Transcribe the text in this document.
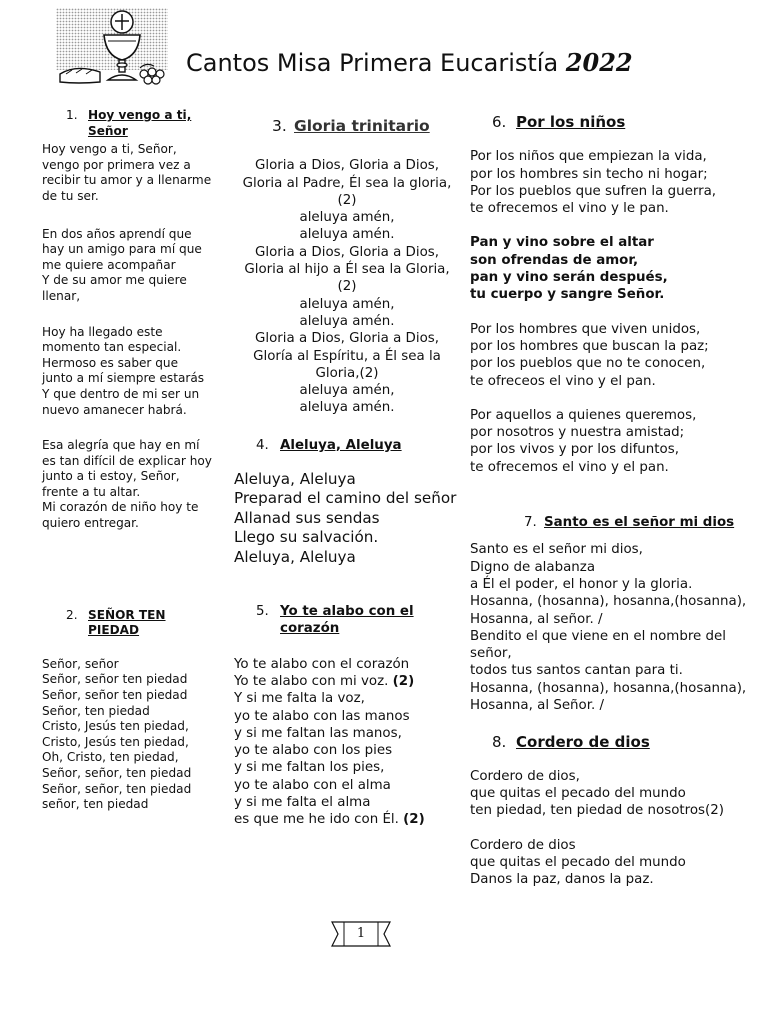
Cantos Misa Primera Eucaristía 2022
1. Hoy vengo a ti, Señor

Hoy vengo a ti, Señor,
vengo por primera vez a
recibir tu amor y a llenarme
de tu ser.

En dos años aprendí que
hay un amigo para mí que
me quiere acompañar
Y de su amor me quiere
llenar,

Hoy ha llegado este
momento tan especial.
Hermoso es saber que
junto a mí siempre estarás
Y que dentro de mi ser un
nuevo amanecer habrá.

Esa alegría que hay en mí
es tan difícil de explicar hoy
junto a ti estoy, Señor,
frente a tu altar.
Mi corazón de niño hoy te
quiero entregar.

2. SEÑOR TEN PIEDAD

Señor, señor
Señor, señor ten piedad
Señor, señor ten piedad
Señor, ten piedad
Cristo, Jesús ten piedad,
Cristo, Jesús ten piedad,
Oh, Cristo, ten piedad,
Señor, señor, ten piedad
Señor, señor, ten piedad
señor, ten piedad

3. Gloria trinitario

Gloria a Dios, Gloria a Dios,
Gloria al Padre, Él sea la gloria,
(2)
aleluya amén,
aleluya amén.
Gloria a Dios, Gloria a Dios,
Gloria al hijo a Él sea la Gloria,
(2)
aleluya amén,
aleluya amén.
Gloria a Dios, Gloria a Dios,
Gloría al Espíritu, a Él sea la
Gloria,(2)
aleluya amén,
aleluya amén.

4. Aleluya, Aleluya

Aleluya, Aleluya
Preparad el camino del señor
Allanad sus sendas
Llego su salvación.
Aleluya, Aleluya

5. Yo te alabo con el corazón
Yo te alabo con el corazón
Yo te alabo con mi voz. (2)
Y si me falta la voz,
yo te alabo con las manos
y si me faltan las manos,
yo te alabo con los pies
y si me faltan los pies,
yo te alabo con el alma
y si me falta el alma
es que me he ido con Él. (2)
6. Por los niños

Por los niños que empiezan la vida,
por los hombres sin techo ni hogar;
Por los pueblos que sufren la guerra,
te ofrecemos el vino y le pan.

Pan y vino sobre el altar
son ofrendas de amor,
pan y vino serán después,
tu cuerpo y sangre Señor.

Por los hombres que viven unidos,
por los hombres que buscan la paz;
por los pueblos que no te conocen,
te ofreceos el vino y el pan.

Por aquellos a quienes queremos,
por nosotros y nuestra amistad;
por los vivos y por los difuntos,
te ofrecemos el vino y el pan.

7. Santo es el señor mi dios

Santo es el señor mi dios,
Digno de alabanza
a Él el poder, el honor y la gloria.
Hosanna, (hosanna), hosanna,(hosanna),
Hosanna, al señor. /
Bendito el que viene en el nombre del
señor,
todos tus santos cantan para ti.
Hosanna, (hosanna), hosanna,(hosanna),
Hosanna, al Señor. /

8. Cordero de dios

Cordero de dios,
que quitas el pecado del mundo
ten piedad, ten piedad de nosotros(2)

Cordero de dios
que quitas el pecado del mundo
Danos la paz, danos la paz.

1
